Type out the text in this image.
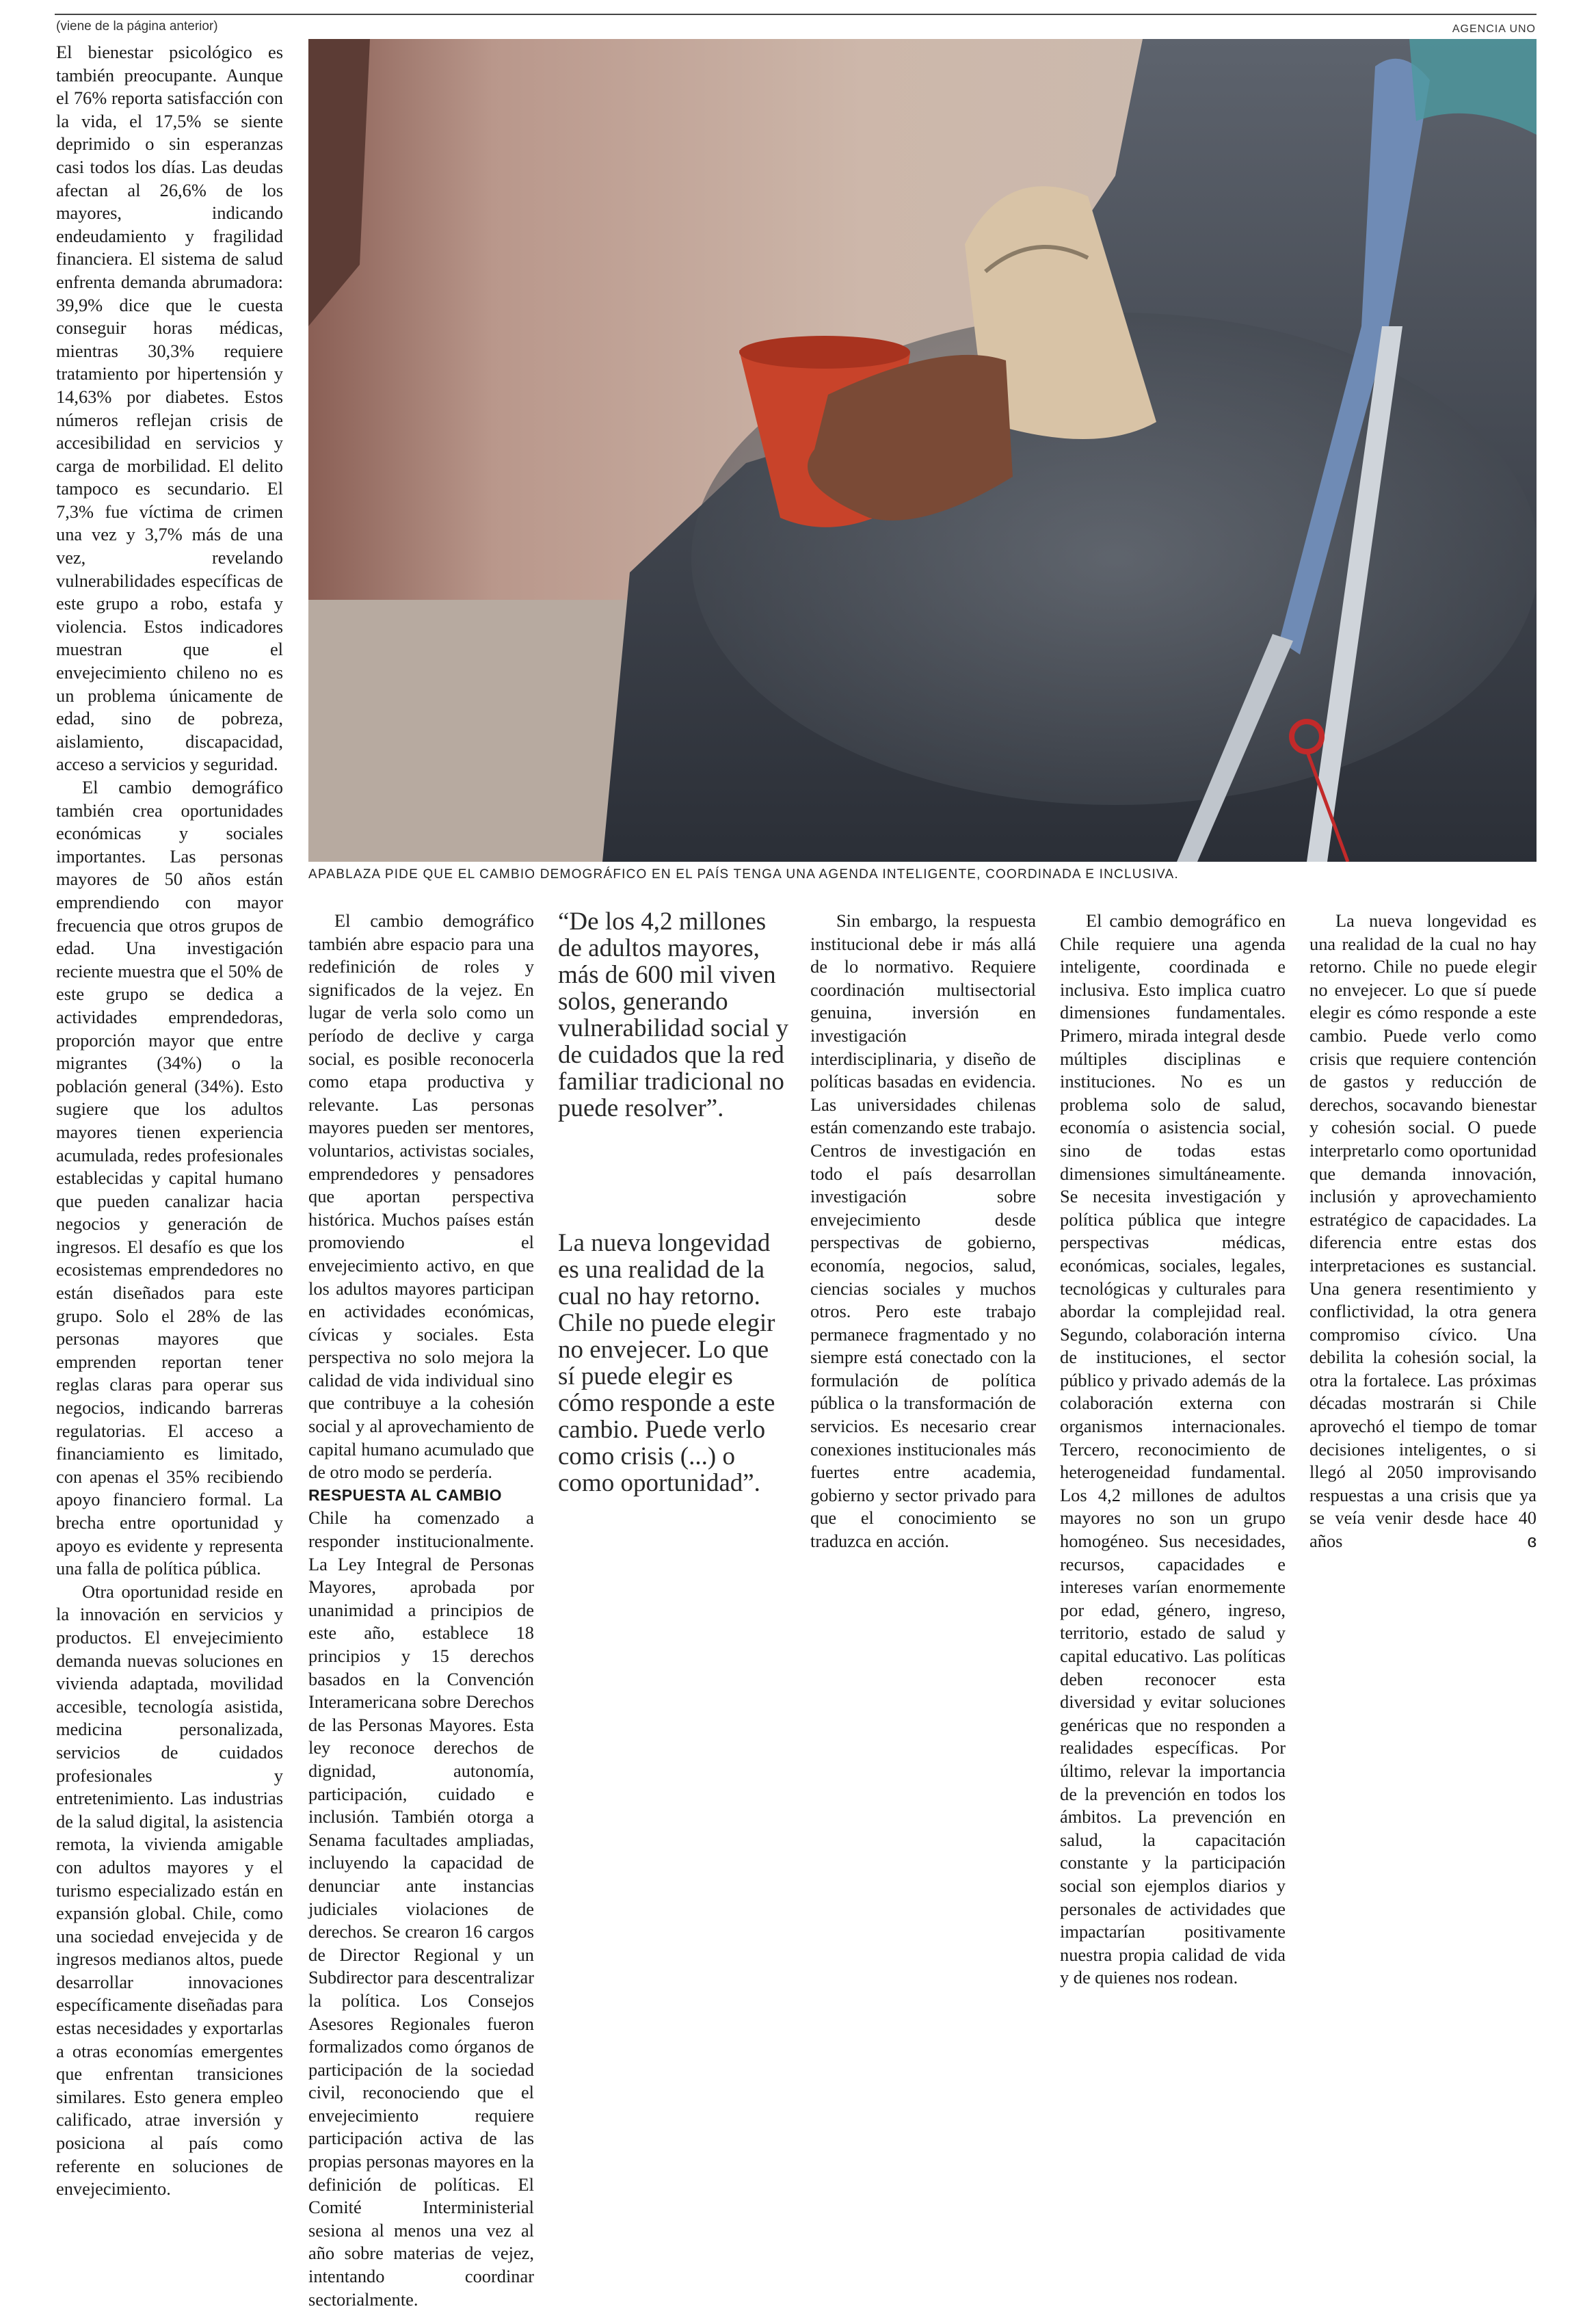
(viene de la página anterior)	AGENCIA UNO

El bienestar psicológico es también preocupante. Aunque el 76% reporta satisfacción con la vida, el 17,5% se siente deprimido o sin esperanzas casi todos los días. Las deudas afectan al 26,6% de los mayores, indicando endeudamiento y fragilidad financiera. El sistema de salud enfrenta demanda abrumadora: 39,9% dice que le cuesta conseguir horas médicas, mientras 30,3% requiere tratamiento por hipertensión y 14,63% por diabetes. Estos números reflejan crisis de accesibilidad en servicios y carga de morbilidad. El delito tampoco es secundario. El 7,3% fue víctima de crimen una vez y 3,7% más de una vez, revelando vulnerabilidades específicas de este grupo a robo, estafa y violencia. Estos indicadores muestran que el envejecimiento chileno no es un problema únicamente de edad, sino de pobreza, aislamiento, discapacidad, acceso a servicios y seguridad.

El cambio demográfico también crea oportunidades económicas y sociales importantes. Las personas mayores de 50 años están emprendiendo con mayor frecuencia que otros grupos de edad. Una investigación reciente muestra que el 50% de este grupo se dedica a actividades emprendedoras, proporción mayor que entre migrantes (34%) o la población general (34%). Esto sugiere que los adultos mayores tienen experiencia acumulada, redes profesionales establecidas y capital humano que pueden canalizar hacia negocios y generación de ingresos. El desafío es que los ecosistemas emprendedores no están diseñados para este grupo. Solo el 28% de las personas mayores que emprenden reportan tener reglas claras para operar sus negocios, indicando barreras regulatorias. El acceso a financiamiento es limitado, con apenas el 35% recibiendo apoyo financiero formal. La brecha entre oportunidad y apoyo es evidente y representa una falla de política pública.

Otra oportunidad reside en la innovación en servicios y productos. El envejecimiento demanda nuevas soluciones en vivienda adaptada, movilidad accesible, tecnología asistida, medicina personalizada, servicios de cuidados profesionales y entretenimiento. Las industrias de la salud digital, la asistencia remota, la vivienda amigable con adultos mayores y el turismo especializado están en expansión global. Chile, como una sociedad envejecida y de ingresos medianos altos, puede desarrollar innovaciones específicamente diseñadas para estas necesidades y exportarlas a otras economías emergentes que enfrentan transiciones similares. Esto genera empleo calificado, atrae inversión y posiciona al país como referente en soluciones de envejecimiento.

APABLAZA PIDE QUE EL CAMBIO DEMOGRÁFICO EN EL PAÍS TENGA UNA AGENDA INTELIGENTE, COORDINADA E INCLUSIVA.

El cambio demográfico también abre espacio para una redefinición de roles y significados de la vejez. En lugar de verla solo como un período de declive y carga social, es posible reconocerla como etapa productiva y relevante. Las personas mayores pueden ser mentores, voluntarios, activistas sociales, emprendedores y pensadores que aportan perspectiva histórica. Muchos países están promoviendo el envejecimiento activo, en que los adultos mayores participan en actividades económicas, cívicas y sociales. Esta perspectiva no solo mejora la calidad de vida individual sino que contribuye a la cohesión social y al aprovechamiento de capital humano acumulado que de otro modo se perdería.

RESPUESTA AL CAMBIO

Chile ha comenzado a responder institucionalmente. La Ley Integral de Personas Mayores, aprobada por unanimidad a principios de este año, establece 18 principios y 15 derechos basados en la Convención Interamericana sobre Derechos de las Personas Mayores. Esta ley reconoce derechos de dignidad, autonomía, participación, cuidado e inclusión. También otorga a Senama facultades ampliadas, incluyendo la capacidad de denunciar ante instancias judiciales violaciones de derechos. Se crearon 16 cargos de Director Regional y un Subdirector para descentralizar la política. Los Consejos Asesores Regionales fueron formalizados como órganos de participación de la sociedad civil, reconociendo que el envejecimiento requiere participación activa de las propias personas mayores en la definición de políticas. El Comité Interministerial sesiona al menos una vez al año sobre materias de vejez, intentando coordinar sectorialmente.

“De los 4,2 millones de adultos mayores, más de 600 mil viven solos, generando vulnerabilidad social y de cuidados que la red familiar tradicional no puede resolver”.
La nueva longevidad es una realidad de la cual no hay retorno. Chile no puede elegir no envejecer. Lo que sí puede elegir es cómo responde a este cambio. Puede verlo como crisis (...) o como oportunidad”.

Sin embargo, la respuesta institucional debe ir más allá de lo normativo. Requiere coordinación multisectorial genuina, inversión en investigación interdisciplinaria, y diseño de políticas basadas en evidencia. Las universidades chilenas están comenzando este trabajo. Centros de investigación en todo el país desarrollan investigación sobre envejecimiento desde perspectivas de gobierno, economía, negocios, salud, ciencias sociales y muchos otros. Pero este trabajo permanece fragmentado y no siempre está conectado con la formulación de política pública o la transformación de servicios. Es necesario crear conexiones institucionales más fuertes entre academia, gobierno y sector privado para que el conocimiento se traduzca en acción.

El cambio demográfico en Chile requiere una agenda inteligente, coordinada e inclusiva. Esto implica cuatro dimensiones fundamentales. Primero, mirada integral desde múltiples disciplinas e instituciones. No es un problema solo de salud, economía o asistencia social, sino de todas estas dimensiones simultáneamente. Se necesita investigación y política pública que integre perspectivas médicas, económicas, sociales, legales, tecnológicas y culturales para abordar la complejidad real. Segundo, colaboración interna de instituciones, el sector público y privado además de la colaboración externa con organismos internacionales. Tercero, reconocimiento de heterogeneidad fundamental. Los 4,2 millones de adultos mayores no son un grupo homogéneo. Sus necesidades, recursos, capacidades e intereses varían enormemente por edad, género, ingreso, territorio, estado de salud y capital educativo. Las políticas deben reconocer esta diversidad y evitar soluciones genéricas que no responden a realidades específicas. Por último, relevar la importancia de la prevención en todos los ámbitos. La prevención en salud, la capacitación constante y la participación social son ejemplos diarios y personales de actividades que impactarían positivamente nuestra propia calidad de vida y de quienes nos rodean.

La nueva longevidad es una realidad de la cual no hay retorno. Chile no puede elegir no envejecer. Lo que sí puede elegir es cómo responde a este cambio. Puede verlo como crisis que requiere contención de gastos y reducción de derechos, socavando bienestar y cohesión social. O puede interpretarlo como oportunidad que demanda innovación, inclusión y aprovechamiento estratégico de capacidades. La diferencia entre estas dos interpretaciones es sustancial. Una genera resentimiento y conflictividad, la otra genera compromiso cívico. Una debilita la cohesión social, la otra la fortalece. Las próximas décadas mostrarán si Chile aprovechó el tiempo de tomar decisiones inteligentes, o si llegó al 2050 improvisando respuestas a una crisis que ya se veía venir desde hace 40 años	ɞ
